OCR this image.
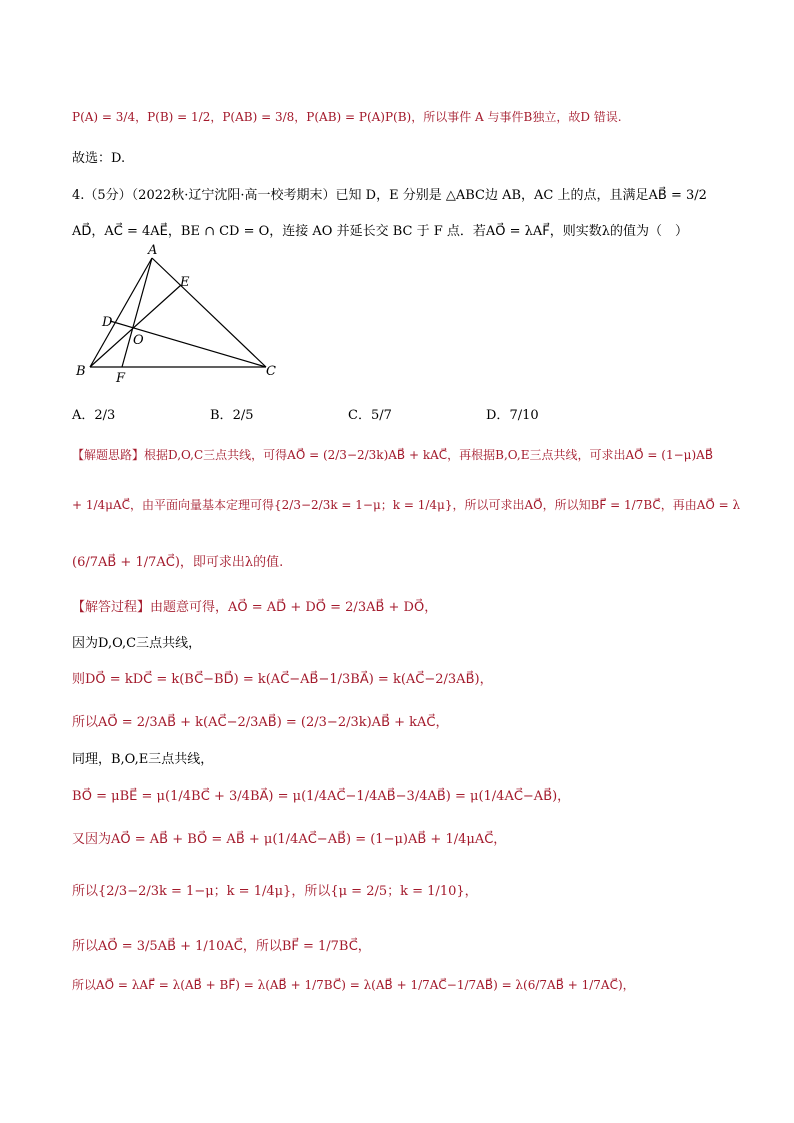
P(A) = 3/4，P(B) = 1/2，P(AB) = 3/8，P(AB) = P(A)P(B)，所以事件 A 与事件B独立，故D 错误.
故选：D.
4.（5分）（2022秋·辽宁沈阳·高一校考期末）已知 D，E 分别是 △ABC边 AB，AC 上的点，且满足AB⃗ = 3/2
AD⃗，AC⃗ = 4AE⃗，BE ∩ CD = O，连接 AO 并延长交 BC 于 F 点．若AO⃗ = λAF⃗，则实数λ的值为（　）
A
B	C
D
E
F
O
A．2/3	B．2/5	C．5/7	D．7/10
【解题思路】根据D,O,C三点共线，可得AO⃗ = (2/3−2/3k)AB⃗ + kAC⃗，再根据B,O,E三点共线，可求出AO⃗ = (1−μ)AB⃗
+ 1/4μAC⃗，由平面向量基本定理可得{2/3−2/3k = 1−μ；k = 1/4μ}，所以可求出AO⃗，所以知BF⃗ = 1/7BC⃗，再由AO⃗ = λ
(6/7AB⃗ + 1/7AC⃗)，即可求出λ的值.
【解答过程】由题意可得，AO⃗ = AD⃗ + DO⃗ = 2/3AB⃗ + DO⃗，
因为D,O,C三点共线，
则DO⃗ = kDC⃗ = k(BC⃗−BD⃗) = k(AC⃗−AB⃗−1/3BA⃗) = k(AC⃗−2/3AB⃗)，
所以AO⃗ = 2/3AB⃗ + k(AC⃗−2/3AB⃗) = (2/3−2/3k)AB⃗ + kAC⃗，
同理，B,O,E三点共线，
BO⃗ = μBE⃗ = μ(1/4BC⃗ + 3/4BA⃗) = μ(1/4AC⃗−1/4AB⃗−3/4AB⃗) = μ(1/4AC⃗−AB⃗)，
又因为AO⃗ = AB⃗ + BO⃗ = AB⃗ + μ(1/4AC⃗−AB⃗) = (1−μ)AB⃗ + 1/4μAC⃗，
所以{2/3−2/3k = 1−μ；k = 1/4μ}，所以{μ = 2/5；k = 1/10}，
所以AO⃗ = 3/5AB⃗ + 1/10AC⃗，所以BF⃗ = 1/7BC⃗，
所以AO⃗ = λAF⃗ = λ(AB⃗ + BF⃗) = λ(AB⃗ + 1/7BC⃗) = λ(AB⃗ + 1/7AC⃗−1/7AB⃗) = λ(6/7AB⃗ + 1/7AC⃗)，
